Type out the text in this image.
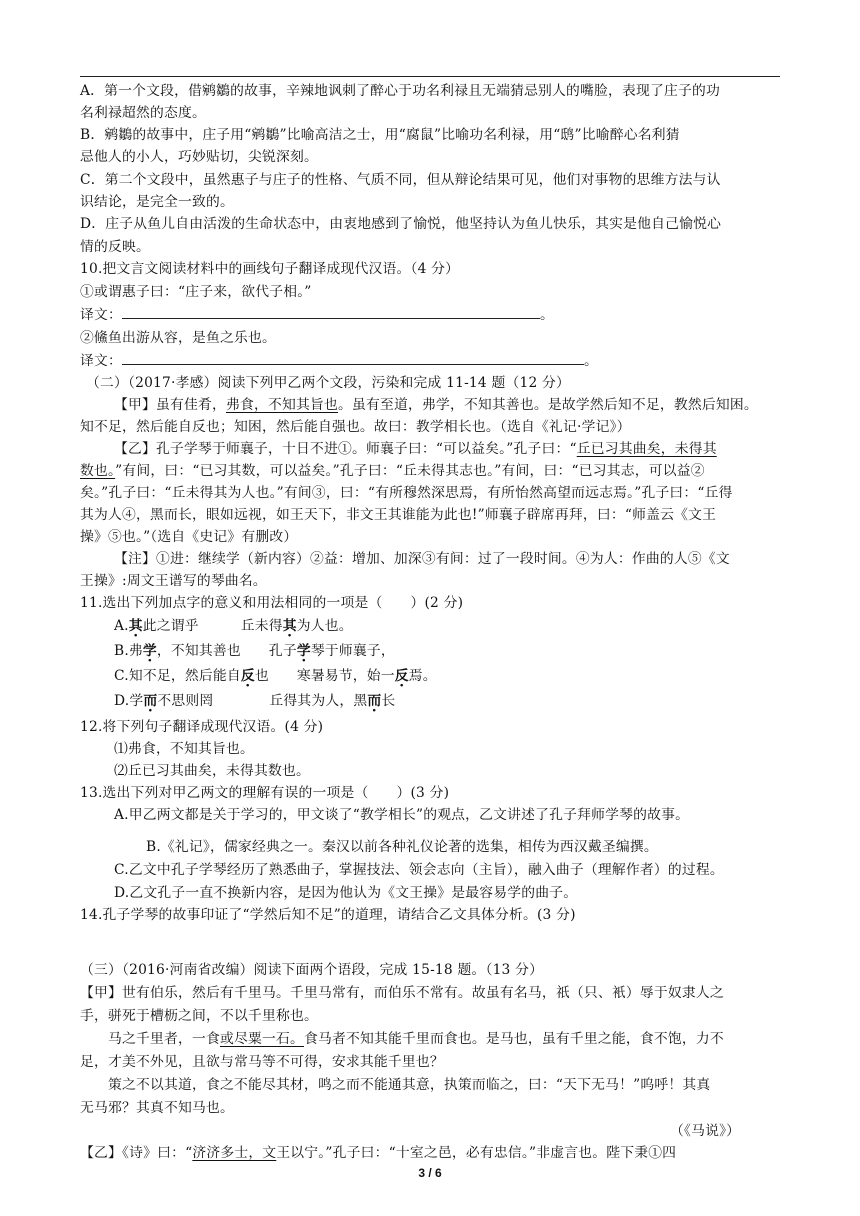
A．第一个文段，借鹓鶵的故事，辛辣地讽刺了醉心于功名利禄且无端猜忌别人的嘴脸，表现了庄子的功
名利禄超然的态度。
B．鹓鶵的故事中，庄子用“鹓鶵”比喻高洁之士，用“腐鼠”比喻功名利禄，用“鸱”比喻醉心名利猜
忌他人的小人，巧妙贴切，尖锐深刻。
C．第二个文段中，虽然惠子与庄子的性格、气质不同，但从辩论结果可见，他们对事物的思维方法与认
识结论，是完全一致的。
D．庄子从鱼儿自由活泼的生命状态中，由衷地感到了愉悦，他坚持认为鱼儿快乐，其实是他自己愉悦心
情的反映。
10.把文言文阅读材料中的画线句子翻译成现代汉语。（4 分）
①或谓惠子曰：“庄子来，欲代子相。”
译文：	。
②鯈鱼出游从容，是鱼之乐也。
译文：	。
（二）（2017·孝感）阅读下列甲乙两个文段，污染和完成 11-14 题（12 分）
【甲】虽有佳肴，弗食，不知其旨也。虽有至道，弗学，不知其善也。是故学然后知不足，教然后知困。
知不足，然后能自反也；知困，然后能自强也。故曰：教学相长也。（选自《礼记·学记》）
【乙】孔子学琴于师襄子，十日不进①。师襄子曰：“可以益矣。”孔子曰：“丘已习其曲矣，未得其
数也。”有间，曰：“已习其数，可以益矣。”孔子曰：“丘未得其志也。”有间，曰：“已习其志，可以益②
矣。”孔子曰：“丘未得其为人也。”有间③，曰：“有所穆然深思焉，有所怡然高望而远志焉。”孔子曰：“丘得
其为人④，黑而长，眼如远视，如王天下，非文王其谁能为此也!”师襄子辟席再拜，曰：“师盖云《文王
操》⑤也。”（选自《史记》有删改）
【注】①进：继续学（新内容）②益：增加、加深③有间：过了一段时间。④为人：作曲的人⑤《文
王操》:周文王谱写的琴曲名。
11.选出下列加点字的意义和用法相同的一项是（　　）(2 分)
A.其此之谓乎　　　丘未得其为人也。
B.弗学，不知其善也　　孔子学琴于师襄子，
C.知不足，然后能自反也　　寒暑易节，始一反焉。
D.学而不思则罔　　　　丘得其为人，黑而长
12.将下列句子翻译成现代汉语。(4 分)
⑴弗食，不知其旨也。
⑵丘已习其曲矣，未得其数也。
13.选出下列对甲乙两文的理解有误的一项是（　　）(3 分)
A.甲乙两文都是关于学习的，甲文谈了“教学相长”的观点，乙文讲述了孔子拜师学琴的故事。
B.《礼记》，儒家经典之一。秦汉以前各种礼仪论著的选集，相传为西汉戴圣编撰。
C.乙文中孔子学琴经历了熟悉曲子，掌握技法、领会志向（主旨），融入曲子（理解作者）的过程。
D.乙文孔子一直不换新内容，是因为他认为《文王操》是最容易学的曲子。
14.孔子学琴的故事印证了“学然后知不足”的道理，请结合乙文具体分析。(3 分)
（三）（2016·河南省改编）阅读下面两个语段，完成 15-18 题。（13 分）
【甲】世有伯乐，然后有千里马。千里马常有，而伯乐不常有。故虽有名马，祇（只、衹）辱于奴隶人之
手，骈死于槽枥之间，不以千里称也。
马之千里者，一食或尽粟一石。食马者不知其能千里而食也。是马也，虽有千里之能，食不饱，力不
足，才美不外见，且欲与常马等不可得，安求其能千里也？
策之不以其道，食之不能尽其材，鸣之而不能通其意，执策而临之，曰：“天下无马！”呜呼！其真
无马邪？其真不知马也。
（《马说》）
【乙】《诗》曰：“济济多士，文王以宁。”孔子曰：“十室之邑，必有忠信。”非虚言也。陛下秉①四
3 / 6
